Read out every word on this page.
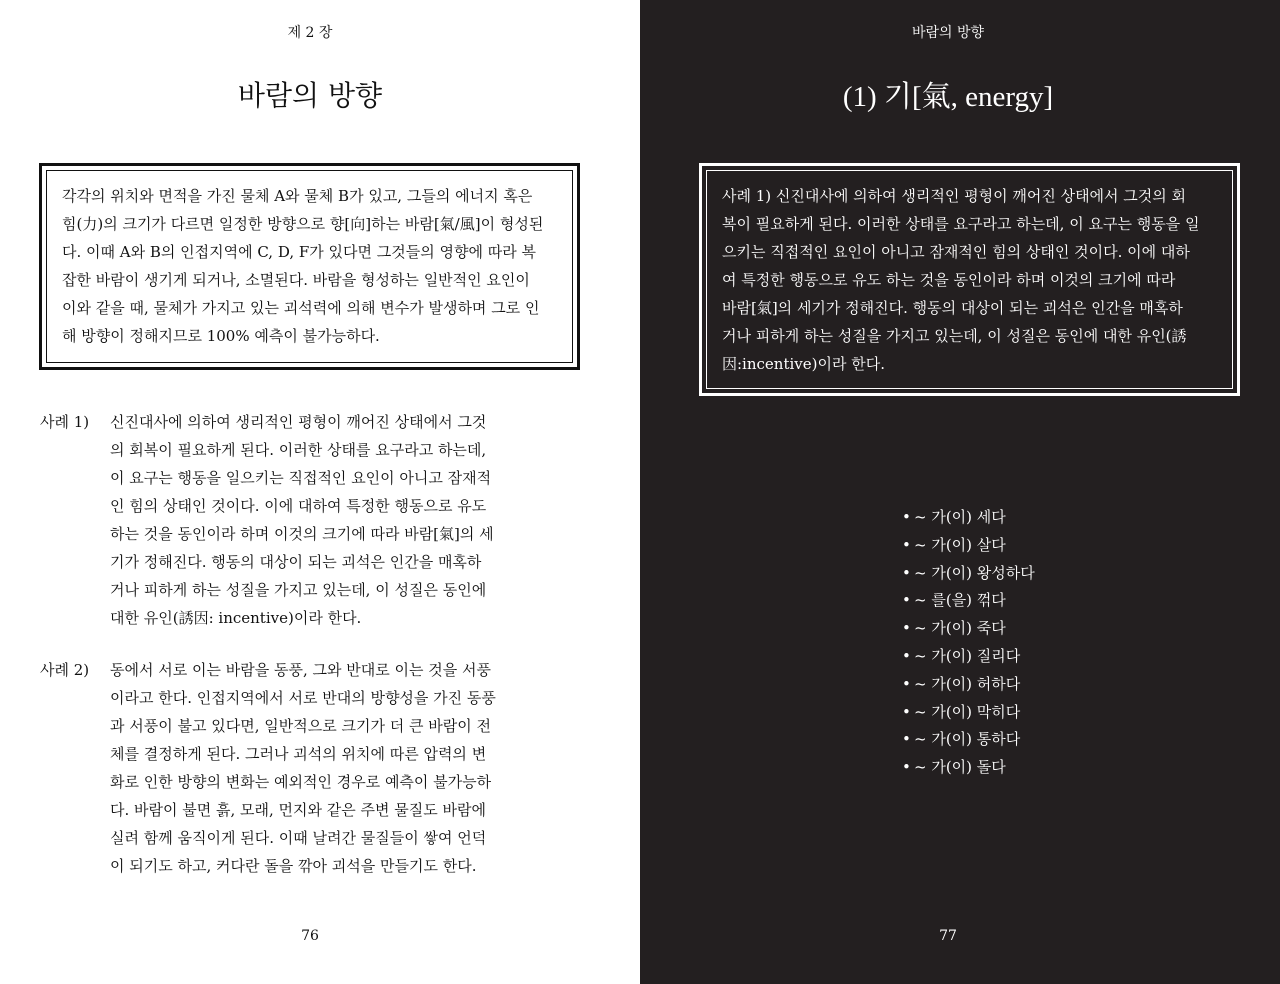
제 2 장
바람의 방향
각각의 위치와 면적을 가진 물체 A와 물체 B가 있고, 그들의 에너지 혹은
힘(力)의 크기가 다르면 일정한 방향으로 향[向]하는 바람[氣/風]이 형성된
다. 이때 A와 B의 인접지역에 C, D, F가 있다면 그것들의 영향에 따라 복
잡한 바람이 생기게 되거나, 소멸된다. 바람을 형성하는 일반적인 요인이
이와 같을 때, 물체가 가지고 있는 괴석력에 의해 변수가 발생하며 그로 인
해 방향이 정해지므로 100% 예측이 불가능하다.
사례 1) 신진대사에 의하여 생리적인 평형이 깨어진 상태에서 그것
의 회복이 필요하게 된다. 이러한 상태를 요구라고 하는데,
이 요구는 행동을 일으키는 직접적인 요인이 아니고 잠재적
인 힘의 상태인 것이다. 이에 대하여 특정한 행동으로 유도
하는 것을 동인이라 하며 이것의 크기에 따라 바람[氣]의 세
기가 정해진다. 행동의 대상이 되는 괴석은 인간을 매혹하
거나 피하게 하는 성질을 가지고 있는데, 이 성질은 동인에
대한 유인(誘因: incentive)이라 한다.
사례 2) 동에서 서로 이는 바람을 동풍, 그와 반대로 이는 것을 서풍
이라고 한다. 인접지역에서 서로 반대의 방향성을 가진 동풍
과 서풍이 불고 있다면, 일반적으로 크기가 더 큰 바람이 전
체를 결정하게 된다. 그러나 괴석의 위치에 따른 압력의 변
화로 인한 방향의 변화는 예외적인 경우로 예측이 불가능하
다. 바람이 불면 흙, 모래, 먼지와 같은 주변 물질도 바람에
실려 함께 움직이게 된다. 이때 날려간 물질들이 쌓여 언덕
이 되기도 하고, 커다란 돌을 깎아 괴석을 만들기도 한다.
76
바람의 방향
(1) 기[氣, energy]
사례 1) 신진대사에 의하여 생리적인 평형이 깨어진 상태에서 그것의 회
복이 필요하게 된다. 이러한 상태를 요구라고 하는데, 이 요구는 행동을 일
으키는 직접적인 요인이 아니고 잠재적인 힘의 상태인 것이다. 이에 대하
여 특정한 행동으로 유도 하는 것을 동인이라 하며 이것의 크기에 따라
바람[氣]의 세기가 정해진다. 행동의 대상이 되는 괴석은 인간을 매혹하
거나 피하게 하는 성질을 가지고 있는데, 이 성질은 동인에 대한 유인(誘
因:incentive)이라 한다.
• ~ 가(이) 세다
• ~ 가(이) 살다
• ~ 가(이) 왕성하다
• ~ 를(을) 꺾다
• ~ 가(이) 죽다
• ~ 가(이) 질리다
• ~ 가(이) 허하다
• ~ 가(이) 막히다
• ~ 가(이) 통하다
• ~ 가(이) 돌다
77
